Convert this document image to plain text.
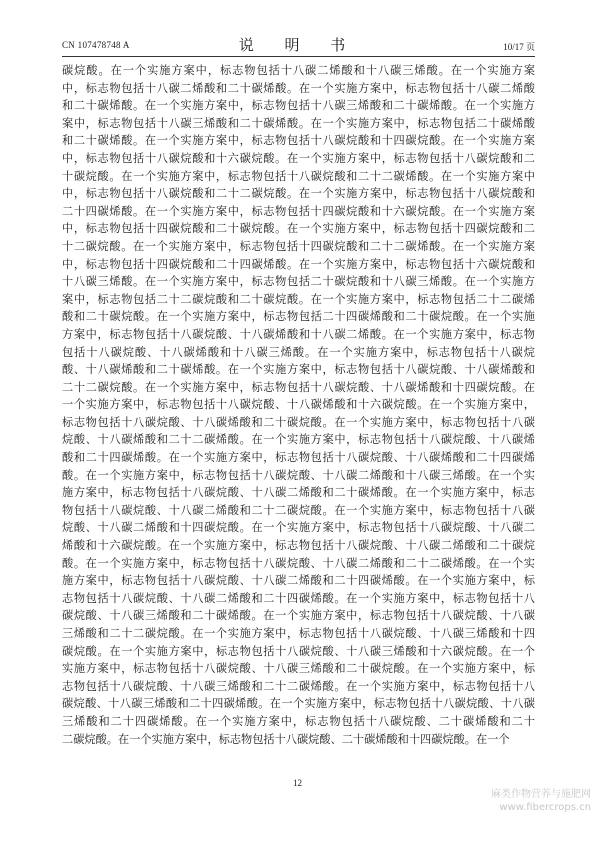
CN 107478748 A	说 明 书	10/17 页
碳烷酸。在一个实施方案中，标志物包括十八碳二烯酸和十八碳三烯酸。在一个实施方案
中，标志物包括十八碳二烯酸和二十碳烯酸。在一个实施方案中，标志物包括十八碳二烯酸
和二十碳烯酸。在一个实施方案中，标志物包括十八碳三烯酸和二十碳烯酸。在一个实施方
案中，标志物包括十八碳三烯酸和二十碳烯酸。在一个实施方案中，标志物包括二十碳烯酸
和二十碳烯酸。在一个实施方案中，标志物包括十八碳烷酸和十四碳烷酸。在一个实施方案
中，标志物包括十八碳烷酸和十六碳烷酸。在一个实施方案中，标志物包括十八碳烷酸和二
十碳烷酸。在一个实施方案中，标志物包括十八碳烷酸和二十二碳烯酸。在一个实施方案中
中，标志物包括十八碳烷酸和二十二碳烷酸。在一个实施方案中，标志物包括十八碳烷酸和
二十四碳烯酸。在一个实施方案中，标志物包括十四碳烷酸和十六碳烷酸。在一个实施方案
中，标志物包括十四碳烷酸和二十碳烷酸。在一个实施方案中，标志物包括十四碳烷酸和二
十二碳烷酸。在一个实施方案中，标志物包括十四碳烷酸和二十二碳烯酸。在一个实施方案
中，标志物包括十四碳烷酸和二十四碳烯酸。在一个实施方案中，标志物包括十六碳烷酸和
十八碳三烯酸。在一个实施方案中，标志物包括二十碳烷酸和十八碳三烯酸。在一个实施方
案中，标志物包括二十二碳烷酸和二十碳烷酸。在一个实施方案中，标志物包括二十二碳烯
酸和二十碳烷酸。在一个实施方案中，标志物包括二十四碳烯酸和二十碳烷酸。在一个实施
方案中，标志物包括十八碳烷酸、十八碳烯酸和十八碳二烯酸。在一个实施方案中，标志物
包括十八碳烷酸、十八碳烯酸和十八碳三烯酸。在一个实施方案中，标志物包括十八碳烷
酸、十八碳烯酸和二十碳烯酸。在一个实施方案中，标志物包括十八碳烷酸、十八碳烯酸和
二十二碳烷酸。在一个实施方案中，标志物包括十八碳烷酸、十八碳烯酸和十四碳烷酸。在
一个实施方案中，标志物包括十八碳烷酸、十八碳烯酸和十六碳烷酸。在一个实施方案中，
标志物包括十八碳烷酸、十八碳烯酸和二十碳烷酸。在一个实施方案中，标志物包括十八碳
烷酸、十八碳烯酸和二十二碳烯酸。在一个实施方案中，标志物包括十八碳烷酸、十八碳烯
酸和二十四碳烯酸。在一个实施方案中，标志物包括十八碳烷酸、十八碳烯酸和二十四碳烯
酸。在一个实施方案中，标志物包括十八碳烷酸、十八碳二烯酸和十八碳三烯酸。在一个实
施方案中，标志物包括十八碳烷酸、十八碳二烯酸和二十碳烯酸。在一个实施方案中，标志
物包括十八碳烷酸、十八碳二烯酸和二十二碳烷酸。在一个实施方案中，标志物包括十八碳
烷酸、十八碳二烯酸和十四碳烷酸。在一个实施方案中，标志物包括十八碳烷酸、十八碳二
烯酸和十六碳烷酸。在一个实施方案中，标志物包括十八碳烷酸、十八碳二烯酸和二十碳烷
酸。在一个实施方案中，标志物包括十八碳烷酸、十八碳二烯酸和二十二碳烯酸。在一个实
施方案中，标志物包括十八碳烷酸、十八碳二烯酸和二十四碳烯酸。在一个实施方案中，标
志物包括十八碳烷酸、十八碳二烯酸和二十四碳烯酸。在一个实施方案中，标志物包括十八
碳烷酸、十八碳三烯酸和二十碳烯酸。在一个实施方案中，标志物包括十八碳烷酸、十八碳
三烯酸和二十二碳烷酸。在一个实施方案中，标志物包括十八碳烷酸、十八碳三烯酸和十四
碳烷酸。在一个实施方案中，标志物包括十八碳烷酸、十八碳三烯酸和十六碳烷酸。在一个
实施方案中，标志物包括十八碳烷酸、十八碳三烯酸和二十碳烷酸。在一个实施方案中，标
志物包括十八碳烷酸、十八碳三烯酸和二十二碳烯酸。在一个实施方案中，标志物包括十八
碳烷酸、十八碳三烯酸和二十四碳烯酸。在一个实施方案中，标志物包括十八碳烷酸、十八碳
三烯酸和二十四碳烯酸。在一个实施方案中，标志物包括十八碳烷酸、二十碳烯酸和二十
二碳烷酸。在一个实施方案中，标志物包括十八碳烷酸、二十碳烯酸和十四碳烷酸。在一个
12
麻类作物营养与施肥网
www.fibercrops.cn
